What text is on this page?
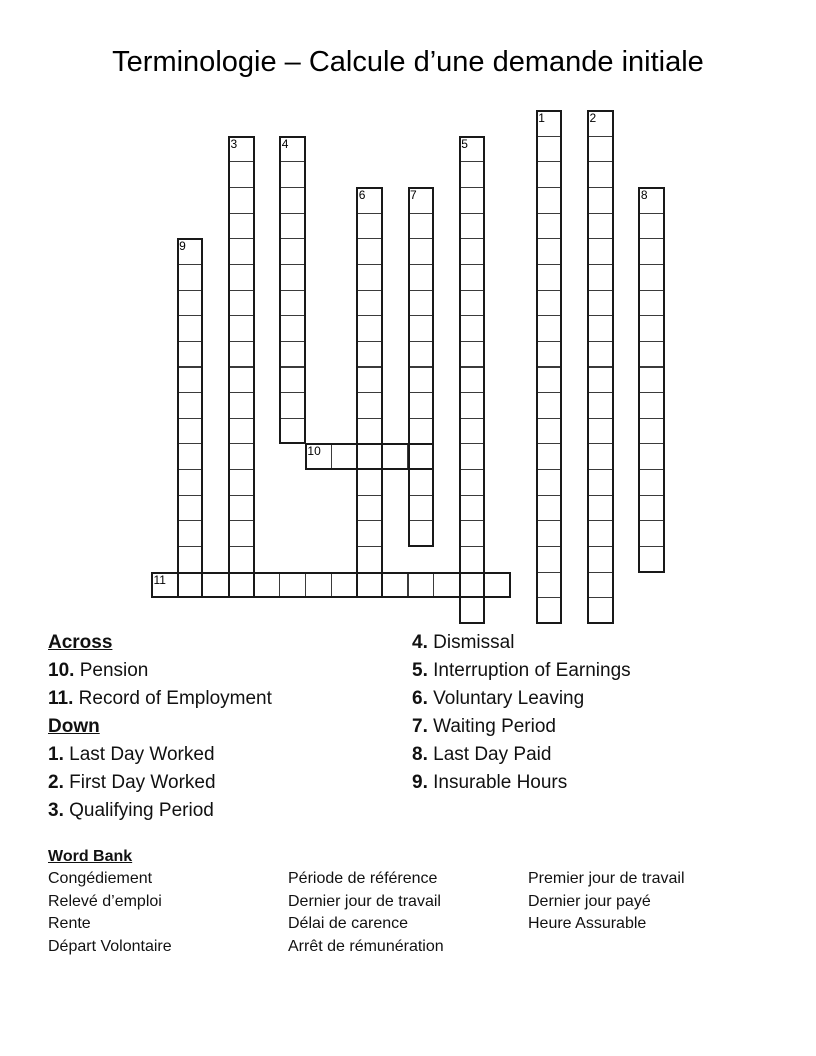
Terminologie – Calcule d’une demande initiale
1	2
3	4	5
6	7	8
9
10
11
Across
10. Pension
11. Record of Employment
Down
1. Last Day Worked
2. First Day Worked
3. Qualifying Period
4. Dismissal
5. Interruption of Earnings
6. Voluntary Leaving
7. Waiting Period
8. Last Day Paid
9. Insurable Hours
Word Bank
Congédiement
Relevé d’emploi
Rente
Départ Volontaire
Période de référence
Dernier jour de travail
Délai de carence
Arrêt de rémunération
Premier jour de travail
Dernier jour payé
Heure Assurable
